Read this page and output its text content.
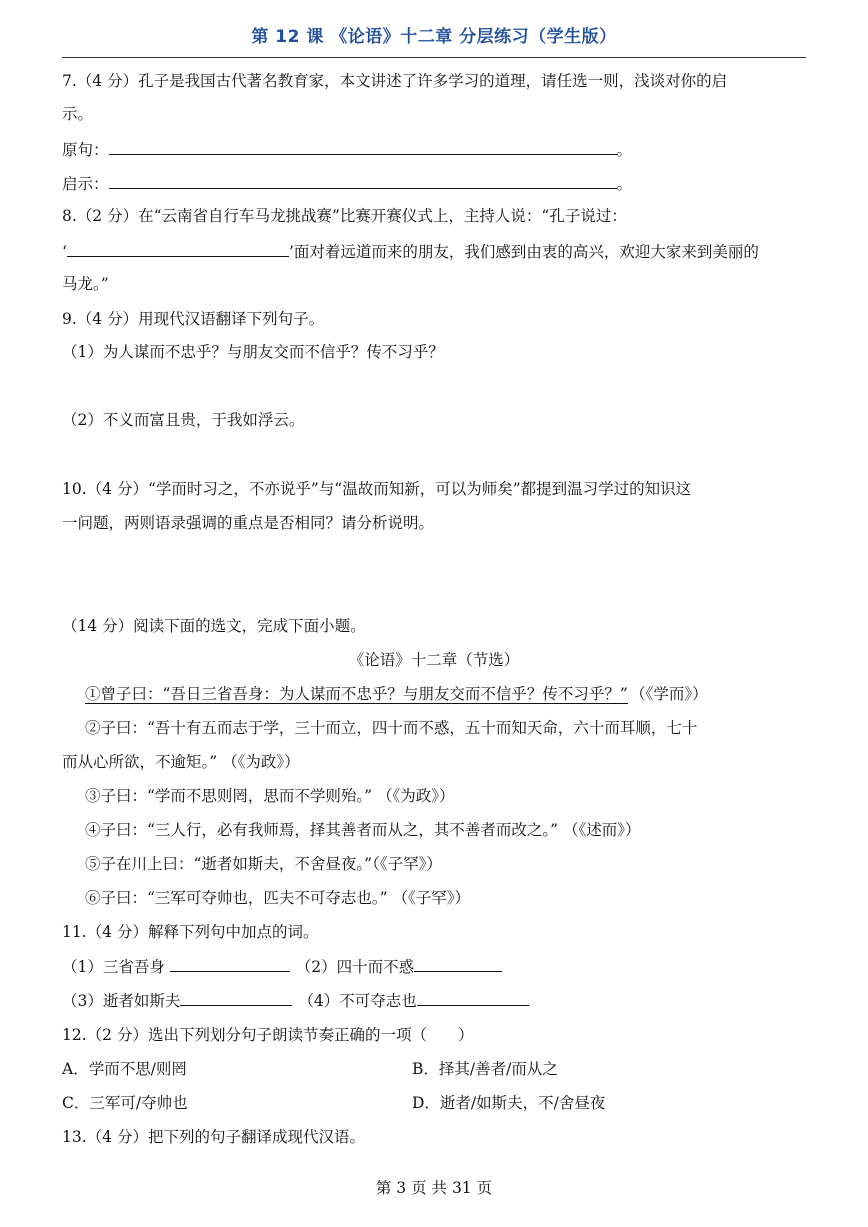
第 12 课 《论语》十二章 分层练习（学生版）
7.（4 分）孔子是我国古代著名教育家，本文讲述了许多学习的道理，请任选一则，浅谈对你的启
示。
原句：	。
启示：	。
8.（2 分）在“云南省自行车马龙挑战赛”比赛开赛仪式上，主持人说：“孔子说过：
‘	’面对着远道而来的朋友，我们感到由衷的高兴，欢迎大家来到美丽的
马龙。”
9.（4 分）用现代汉语翻译下列句子。
（1）为人谋而不忠乎？与朋友交而不信乎？传不习乎？
（2）不义而富且贵，于我如浮云。
10.（4 分）“学而时习之，不亦说乎”与“温故而知新，可以为师矣”都提到温习学过的知识这
一问题，两则语录强调的重点是否相同？请分析说明。
（14 分）阅读下面的选文，完成下面小题。
《论语》十二章（节选）
①曾子曰：“吾日三省吾身：为人谋而不忠乎？与朋友交而不信乎？传不习乎？” （《学而》）
②子曰：“吾十有五而志于学，三十而立，四十而不惑，五十而知天命，六十而耳顺，七十
而从心所欲，不逾矩。” （《为政》）
③子曰：“学而不思则罔，思而不学则殆。” （《为政》）
④子曰：“三人行，必有我师焉，择其善者而从之，其不善者而改之。” （《述而》）
⑤子在川上曰：“逝者如斯夫，不舍昼夜。”（《子罕》）
⑥子曰：“三军可夺帅也，匹夫不可夺志也。” （《子罕》）
11.（4 分）解释下列句中加点的词。
（1）三省吾身	（2）四十而不惑
（3）逝者如斯夫	（4）不可夺志也
12.（2 分）选出下列划分句子朗读节奏正确的一项（　　）
A．学而不思/则罔	B．择其/善者/而从之
C．三军可/夺帅也	D．逝者/如斯夫，不/舍昼夜
13.（4 分）把下列的句子翻译成现代汉语。
第 3 页 共 31 页
